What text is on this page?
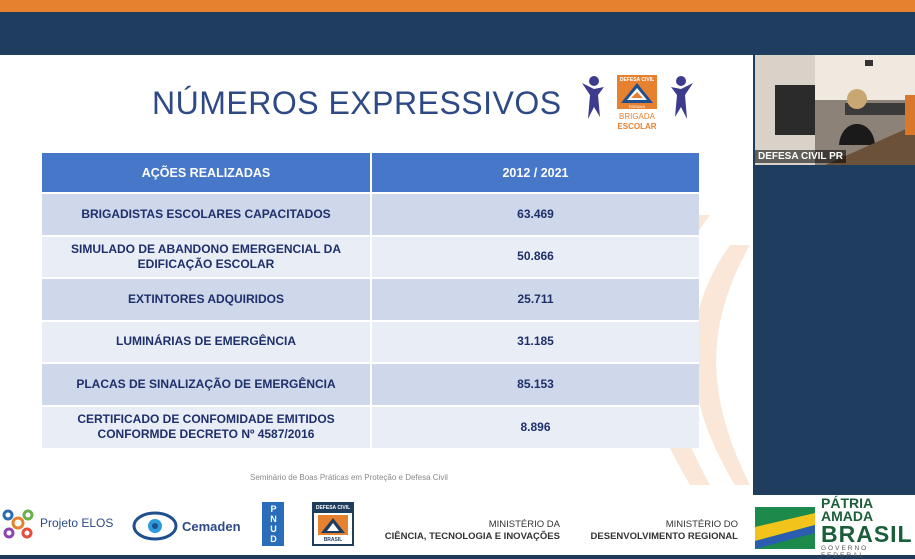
NÚMEROS EXPRESSIVOS
DEFESA CIVIL
PARANÁ
BRIGADA
ESCOLAR
AÇÕES REALIZADAS	2012 / 2021

BRIGADISTAS ESCOLARES CAPACITADOS	63.469

SIMULADO DE ABANDONO EMERGENCIAL DA
EDIFICAÇÃO ESCOLAR	50.866

EXTINTORES ADQUIRIDOS	25.711

LUMINÁRIAS DE EMERGÊNCIA	31.185

PLACAS DE SINALIZAÇÃO DE EMERGÊNCIA	85.153

CERTIFICADO DE CONFOMIDADE EMITIDOS
CONFORMDE DECRETO Nº 4587/2016	8.896
Seminário de Boas Práticas em Proteção e Defesa Civil
DEFESA CIVIL PR
Projeto ELOS	Cemaden	PNUD	DEFESA CIVIL
BRASIL
MINISTÉRIO DA
CIÊNCIA, TECNOLOGIA E INOVAÇÕES
MINISTÉRIO DO
DESENVOLVIMENTO REGIONAL
PÁTRIA AMADA
BRASIL
GOVERNO FEDERAL
